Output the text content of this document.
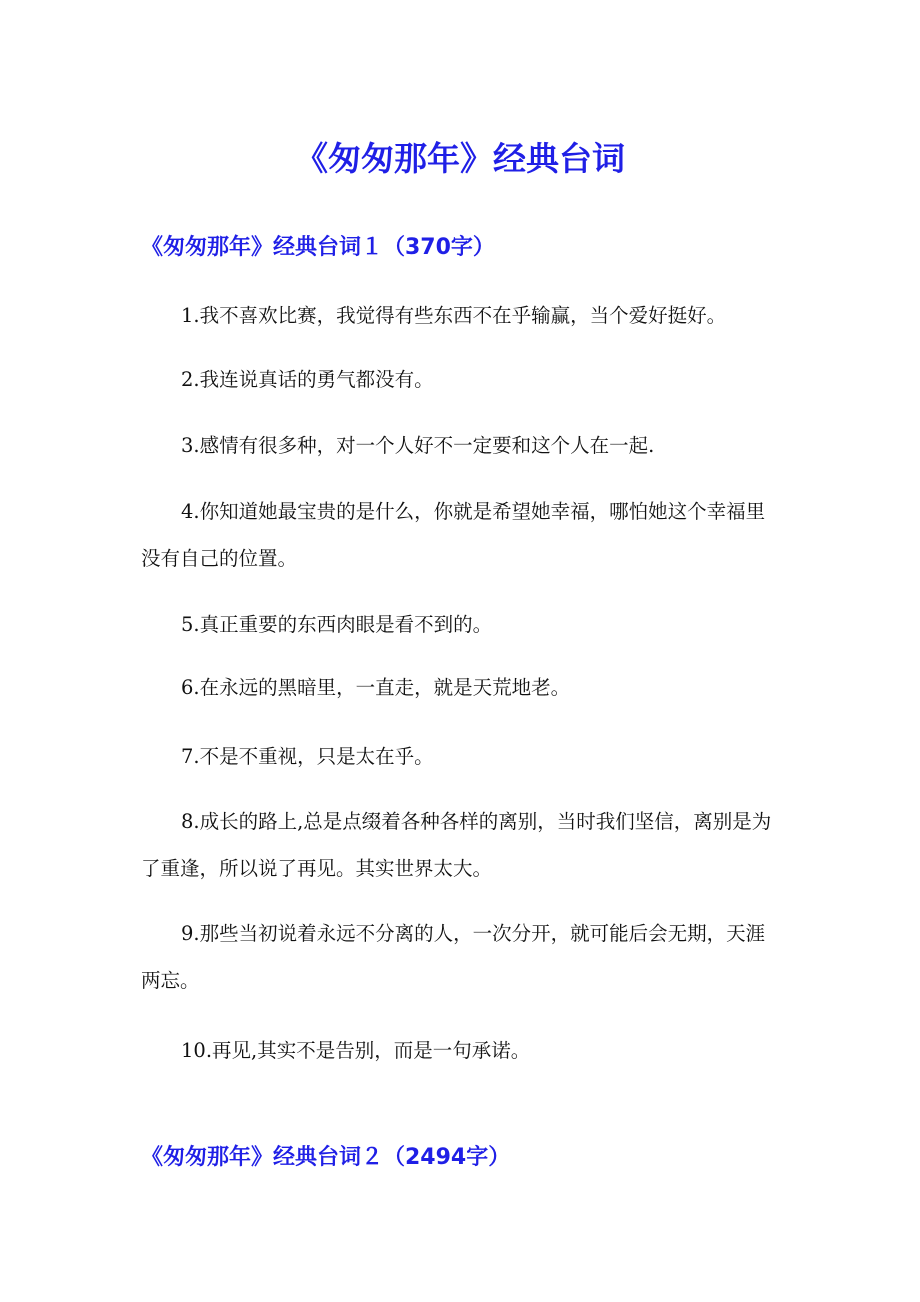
《匆匆那年》经典台词
《匆匆那年》经典台词１（370字）

1.我不喜欢比赛，我觉得有些东西不在乎输赢，当个爱好挺好。

2.我连说真话的勇气都没有。

3.感情有很多种，对一个人好不一定要和这个人在一起.

4.你知道她最宝贵的是什么，你就是希望她幸福，哪怕她这个幸福里没有自己的位置。

5.真正重要的东西肉眼是看不到的。

6.在永远的黑暗里，一直走，就是天荒地老。

7.不是不重视，只是太在乎。

8.成长的路上,总是点缀着各种各样的离别，当时我们坚信，离别是为了重逢，所以说了再见。其实世界太大。

9.那些当初说着永远不分离的人，一次分开，就可能后会无期，天涯两忘。

10.再见,其实不是告别，而是一句承诺。

《匆匆那年》经典台词２（2494字）
